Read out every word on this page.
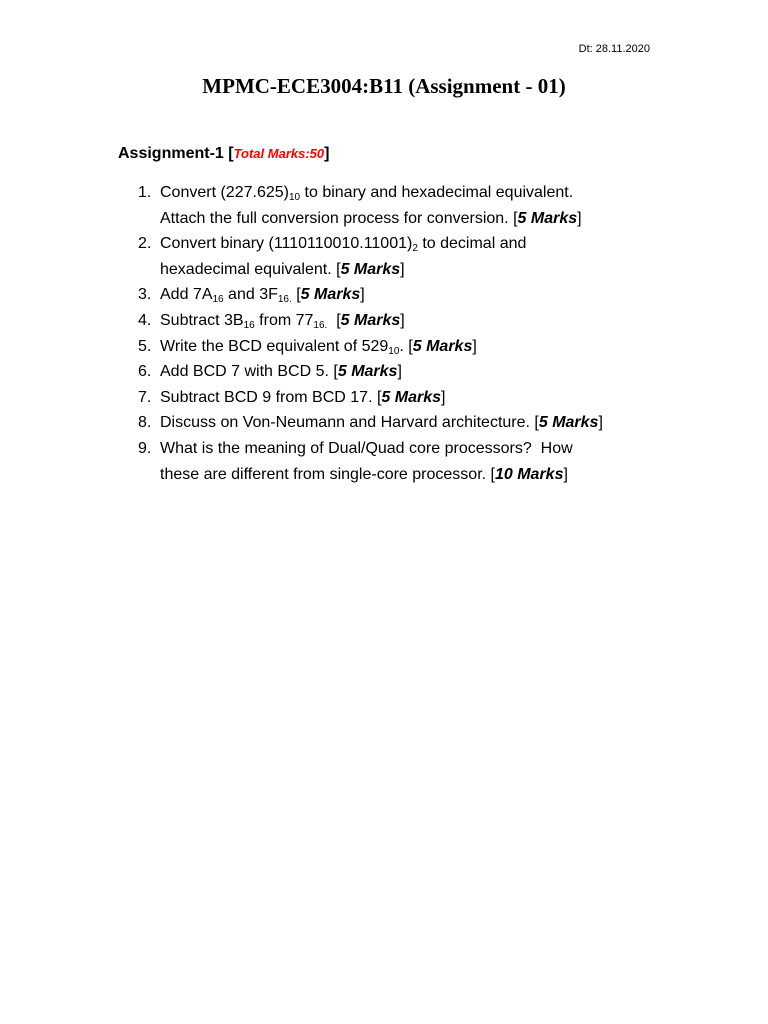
Dt: 28.11.2020
MPMC-ECE3004:B11 (Assignment - 01)
Assignment-1 [Total Marks:50]
1. Convert $(227.625)_{10}$ to binary and hexadecimal equivalent.
Attach the full conversion process for conversion. [5 Marks]
2. Convert binary $(1110110010.11001)_2$ to decimal and
hexadecimal equivalent. [5 Marks]
3. Add $7A_{16}$ and $3F_{16.}$ [5 Marks]
4. Subtract $3B_{16}$ from $77_{16.}$  [5 Marks]
5. Write the BCD equivalent of $529_{10}$. [5 Marks]
6. Add BCD 7 with BCD 5. [5 Marks]
7. Subtract BCD 9 from BCD 17. [5 Marks]
8. Discuss on Von-Neumann and Harvard architecture. [5 Marks]
9. What is the meaning of Dual/Quad core processors?  How
these are different from single-core processor. [10 Marks]
